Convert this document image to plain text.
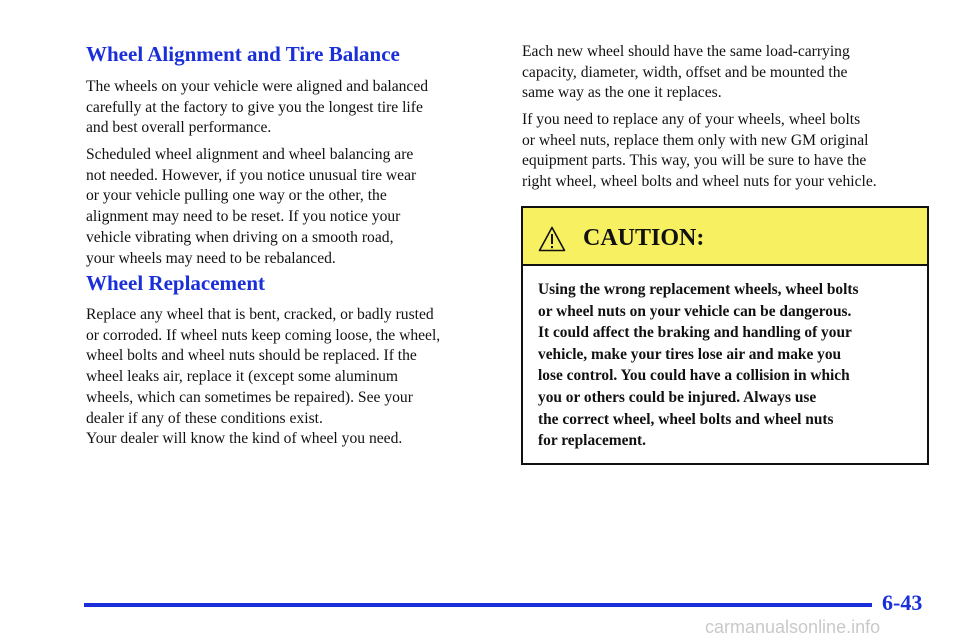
Wheel Alignment and Tire Balance

The wheels on your vehicle were aligned and balanced
carefully at the factory to give you the longest tire life
and best overall performance.

Scheduled wheel alignment and wheel balancing are
not needed. However, if you notice unusual tire wear
or your vehicle pulling one way or the other, the
alignment may need to be reset. If you notice your
vehicle vibrating when driving on a smooth road,
your wheels may need to be rebalanced.

Wheel Replacement

Replace any wheel that is bent, cracked, or badly rusted
or corroded. If wheel nuts keep coming loose, the wheel,
wheel bolts and wheel nuts should be replaced. If the
wheel leaks air, replace it (except some aluminum
wheels, which can sometimes be repaired). See your
dealer if any of these conditions exist.

Your dealer will know the kind of wheel you need.

Each new wheel should have the same load-carrying
capacity, diameter, width, offset and be mounted the
same way as the one it replaces.

If you need to replace any of your wheels, wheel bolts
or wheel nuts, replace them only with new GM original
equipment parts. This way, you will be sure to have the
right wheel, wheel bolts and wheel nuts for your vehicle.

CAUTION:

Using the wrong replacement wheels, wheel bolts
or wheel nuts on your vehicle can be dangerous.
It could affect the braking and handling of your
vehicle, make your tires lose air and make you
lose control. You could have a collision in which
you or others could be injured. Always use
the correct wheel, wheel bolts and wheel nuts
for replacement.

6-43
carmanualsonline.info
